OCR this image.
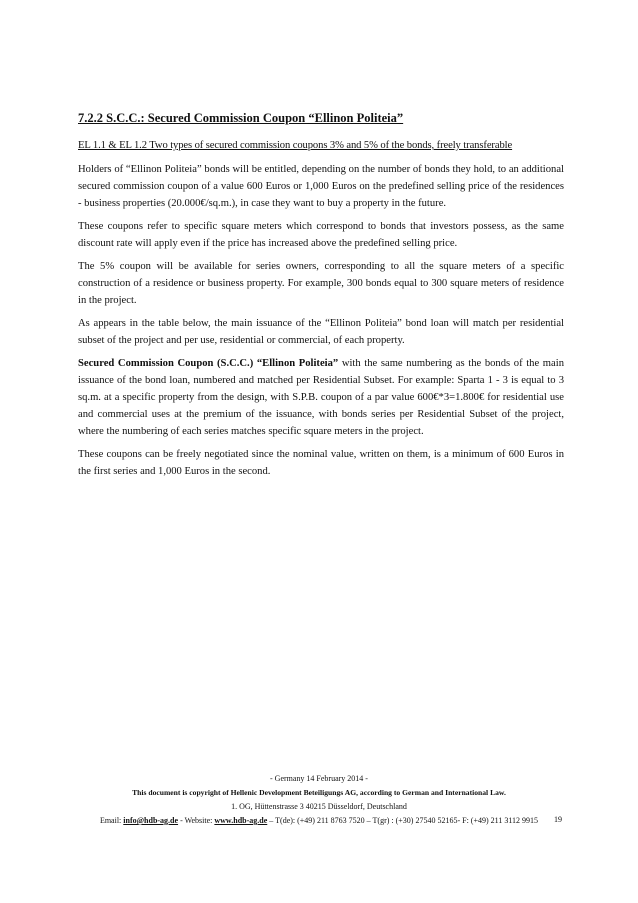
7.2.2 S.C.C.: Secured Commission Coupon “Ellinon Politeia”

EL 1.1 & EL 1.2 Two types of secured commission coupons 3% and 5% of the bonds, freely transferable

Holders of “Ellinon Politeia” bonds will be entitled, depending on the number of bonds they hold, to an additional secured commission coupon of a value 600 Euros or 1,000 Euros on the predefined selling price of the residences - business properties (20.000€/sq.m.), in case they want to buy a property in the future.

These coupons refer to specific square meters which correspond to bonds that investors possess, as the same discount rate will apply even if the price has increased above the predefined selling price.

The 5% coupon will be available for series owners, corresponding to all the square meters of a specific construction of a residence or business property. For example, 300 bonds equal to 300 square meters of residence in the project.

As appears in the table below, the main issuance of the “Ellinon Politeia” bond loan will match per residential subset of the project and per use, residential or commercial, of each property.

Secured Commission Coupon (S.C.C.) “Ellinon Politeia” with the same numbering as the bonds of the main issuance of the bond loan, numbered and matched per Residential Subset. For example: Sparta 1 - 3 is equal to 3 sq.m. at a specific property from the design, with S.P.B. coupon of a par value 600€*3=1.800€ for residential use and commercial uses at the premium of the issuance, with bonds series per Residential Subset of the project, where the numbering of each series matches specific square meters in the project.

These coupons can be freely negotiated since the nominal value, written on them, is a minimum of 600 Euros in the first series and 1,000 Euros in the second.

- Germany 14 February 2014 -
This document is copyright of Hellenic Development Beteiligungs AG, according to German and International Law.
1. OG, Hüttenstrasse 3 40215 Düsseldorf, Deutschland
Email: info@hdb-ag.de - Website: www.hdb-ag.de – T(de): (+49) 211 8763 7520 – T(gr) : (+30) 27540 52165- F: (+49) 211 3112 9915	19
